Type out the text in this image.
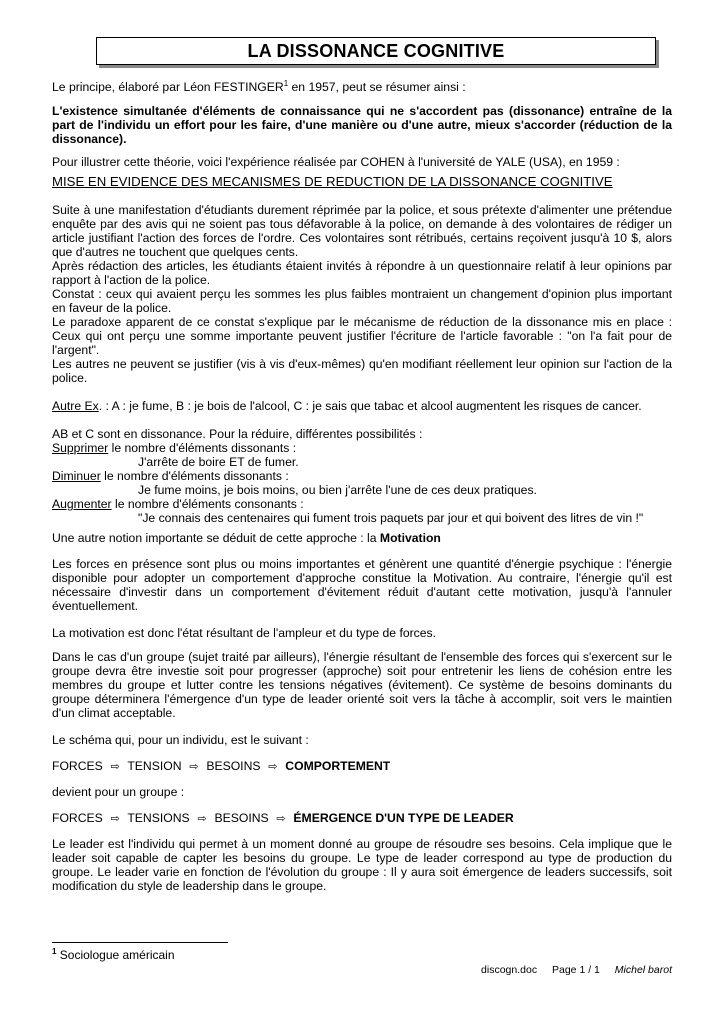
LA DISSONANCE COGNITIVE
Le principe, élaboré par Léon FESTINGER$^1$ en 1957, peut se résumer ainsi :
L'existence simultanée d'éléments de connaissance qui ne s'accordent pas (dissonance) entraîne de la part de l'individu un effort pour les faire, d'une manière ou d'une autre, mieux s'accorder (réduction de la dissonance).
Pour illustrer cette théorie, voici l'expérience réalisée par COHEN à l'université de YALE (USA), en 1959 :
MISE EN EVIDENCE DES MECANISMES DE REDUCTION DE LA DISSONANCE COGNITIVE
Suite à une manifestation d'étudiants durement réprimée par la police, et sous prétexte d'alimenter une prétendue enquête par des avis qui ne soient pas tous défavorable à la police, on demande à des volontaires de rédiger un article justifiant l'action des forces de l'ordre. Ces volontaires sont rétribués, certains reçoivent jusqu'à 10 $, alors que d'autres ne touchent que quelques cents.
Après rédaction des articles, les étudiants étaient invités à répondre à un questionnaire relatif à leur opinions par rapport à l'action de la police.
Constat : ceux qui avaient perçu les sommes les plus faibles montraient un changement d'opinion plus important en faveur de la police.
Le paradoxe apparent de ce constat s'explique par le mécanisme de réduction de la dissonance mis en place : Ceux qui ont perçu une somme importante peuvent justifier l'écriture de l'article favorable : "on l'a fait pour de l'argent".
Les autres ne peuvent se justifier (vis à vis d'eux-mêmes) qu'en modifiant réellement leur opinion sur l'action de la police.
Autre Ex. : A : je fume, B : je bois de l'alcool, C : je sais que tabac et alcool augmentent les risques de cancer.
AB et C sont en dissonance. Pour la réduire, différentes possibilités :
Supprimer le nombre d'éléments dissonants :
J'arrête de boire ET de fumer.
Diminuer le nombre d'éléments dissonants :
Je fume moins, je bois moins, ou bien j'arrête l'une de ces deux pratiques.
Augmenter le nombre d'éléments consonants :
"Je connais des centenaires qui fument trois paquets par jour et qui boivent des litres de vin !"
Une autre notion importante se déduit de cette approche : la Motivation
Les forces en présence sont plus ou moins importantes et génèrent une quantité d'énergie psychique : l'énergie disponible pour adopter un comportement d'approche constitue la Motivation. Au contraire, l'énergie qu'il est nécessaire d'investir dans un comportement d'évitement réduit d'autant cette motivation, jusqu'à l'annuler éventuellement.
La motivation est donc l'état résultant de l'ampleur et du type de forces.
Dans le cas d'un groupe (sujet traité par ailleurs), l'énergie résultant de l'ensemble des forces qui s'exercent sur le groupe devra être investie soit pour progresser (approche) soit pour entretenir les liens de cohésion entre les membres du groupe et lutter contre les tensions négatives (évitement). Ce système de besoins dominants du groupe déterminera l'émergence d'un type de leader orienté soit vers la tâche à accomplir, soit vers le maintien d'un climat acceptable.
Le schéma qui, pour un individu, est le suivant :
FORCES ⇨ TENSION ⇨ BESOINS ⇨ COMPORTEMENT
devient pour un groupe :
FORCES ⇨ TENSIONS ⇨ BESOINS ⇨ ÉMERGENCE D'UN TYPE DE LEADER
Le leader est l'individu qui permet à un moment donné au groupe de résoudre ses besoins. Cela implique que le leader soit capable de capter les besoins du groupe. Le type de leader correspond au type de production du groupe. Le leader varie en fonction de l'évolution du groupe : Il y aura soit émergence de leaders successifs, soit modification du style de leadership dans le groupe.
$^1$ Sociologue américain
discogn.doc Page 1 / 1 Michel barot
